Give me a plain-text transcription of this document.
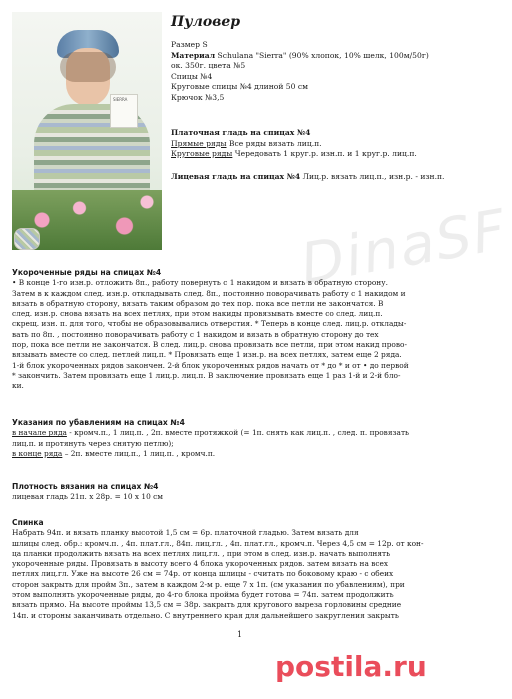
SIERRA
Пуловер
Размер S
Материал Schulana "Sierra" (90% хлопок, 10% шелк, 100м/50г)
ок. 350г. цвета №5
Спицы №4
Круговые спицы №4 длиной 50 см
Крючок №3,5
Платочная гладь на спицах №4
Прямые ряды Все ряды вязать лиц.п.
Круговые ряды Чередовать 1 круг.р. изн.п. и 1 круг.р. лиц.п.
Лицевая гладь на спицах №4 Лиц.р. вязать лиц.п., изн.р. - изн.п.
DinaSF
Укороченные ряды на спицах №4
• В конце 1-го изн.р. отложить 8п., работу повернуть с 1 накидом и вязать в обратную сторону.
Затем в к каждом след. изн.р. откладывать след. 8п., постоянно поворачивать работу с 1 накидом и
вязать в обратную сторону, вязать таким образом до тех пор. пока все петли не закончатся. В
след. изн.р. снова вязать на всех петлях, при этом накиды провязывать вместе со след. лиц.п.
скрещ. изн. п. для того, чтобы не образовывались отверстия. * Теперь в конце след. лиц.р. отклады-
вать по 8п. , постоянно поворачивать работу с 1 накидом и вязать в обратную сторону до тех
пор, пока все петли не закончатся. В след. лиц.р. снова провязать все петли, при этом накид прово-
вязывать вместе со след. петлей лиц.п. * Провязать еще 1 изн.р. на всех петлях, затем еще 2 ряда.
1-й блок укороченных рядов закончен. 2-й блок укороченных рядов начать от * до * и от • до первой
* закончить. Затем провязать еще 1 лиц.р. лиц.п. В заключение провязать еще 1 раз 1-й и 2-й бло-
ки.
Указания по убавлениям на спицах №4
в начале ряда - кромч.п., 1 лиц.п. , 2п. вместе протяжкой (= 1п. снять как лиц.п. , след. п. провязать
лиц.п. и протянуть через снятую петлю);
в конце ряда – 2п. вместе лиц.п., 1 лиц.п. , кромч.п.
Плотность вязания на спицах №4
лицевая гладь 21п. х 28р. = 10 х 10 см
Спинка
Набрать 94п. и вязать планку высотой 1,5 см = 6р. платочной гладью. Затем вязать для
шлицы след. обр.: кромч.п. , 4п. плат.гл., 84п. лиц.гл. , 4п. плат.гл., кромч.п. Через 4,5 см = 12р. от кон-
ца планки продолжить вязать на всех петлях лиц.гл. , при этом в след. изн.р. начать выполнять
укороченные ряды. Провязать в высоту всего 4 блока укороченных рядов. затем вязать на всех
петлях лиц.гл. Уже на высоте 26 см = 74р. от конца шлицы - считать по боковому краю - с обеих
сторон закрыть для пройм 3п., затем в каждом 2-м р. еще 7 х 1п. (см указания по убавлениям), при
этом выполнять укороченные ряды, до 4-го блока пройма будет готова = 74п. затем продолжить
вязать прямо. На высоте проймы 13,5 см = 38р. закрыть для кругового выреза горловины средние
14п. и стороны заканчивать отдельно. С внутреннего края для дальнейшего закругления закрыть
1
postila.ru
